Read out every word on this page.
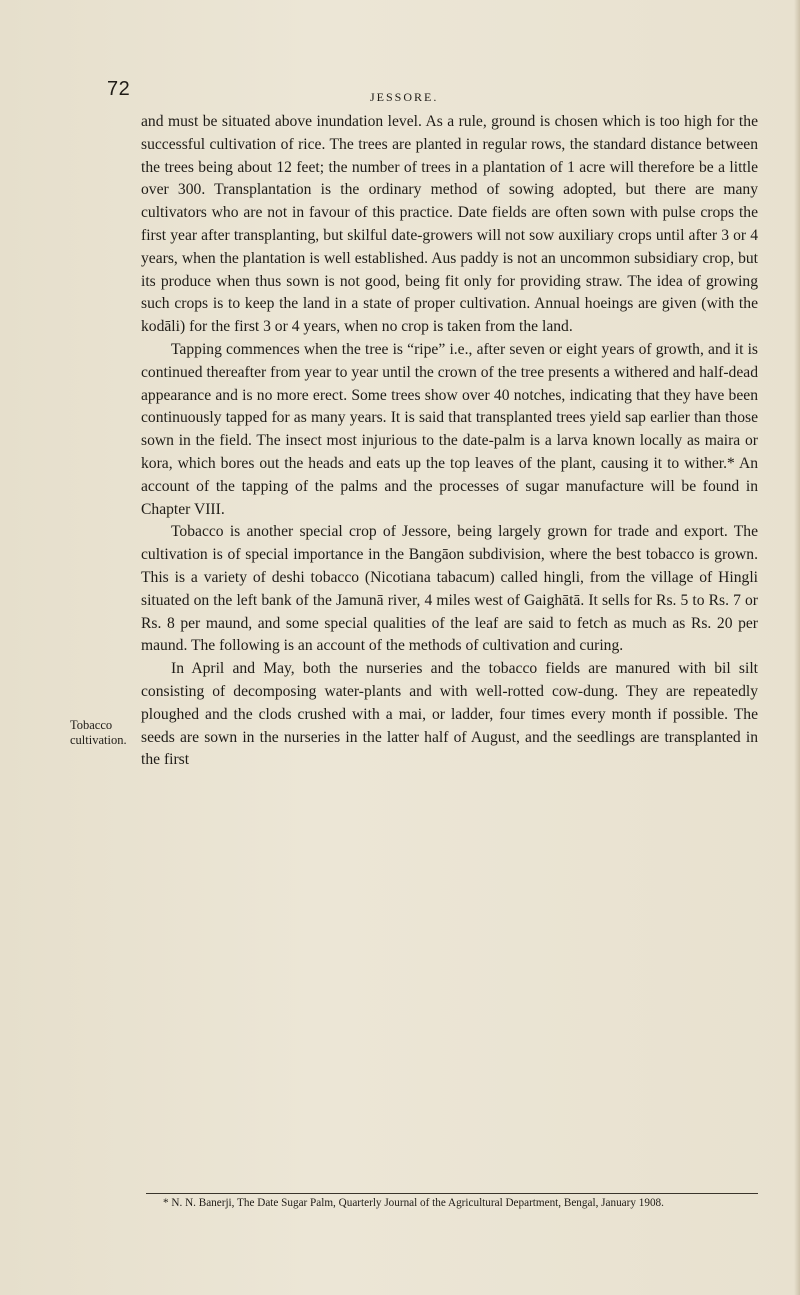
72	JESSORE.
Tobacco cultivation.

and must be situated above inundation level. As a rule, ground is chosen which is too high for the successful cultivation of rice. The trees are planted in regular rows, the standard distance between the trees being about 12 feet; the number of trees in a plantation of 1 acre will therefore be a little over 300. Transplantation is the ordinary method of sowing adopted, but there are many cultivators who are not in favour of this practice. Date fields are often sown with pulse crops the first year after transplanting, but skilful date-growers will not sow auxiliary crops until after 3 or 4 years, when the plantation is well established. Aus paddy is not an uncommon subsidiary crop, but its produce when thus sown is not good, being fit only for providing straw. The idea of growing such crops is to keep the land in a state of proper cultivation. Annual hoeings are given (with the kodāli) for the first 3 or 4 years, when no crop is taken from the land.

Tapping commences when the tree is “ripe” i.e., after seven or eight years of growth, and it is continued thereafter from year to year until the crown of the tree presents a withered and half-dead appearance and is no more erect. Some trees show over 40 notches, indicating that they have been continuously tapped for as many years. It is said that transplanted trees yield sap earlier than those sown in the field. The insect most injurious to the date-palm is a larva known locally as maira or kora, which bores out the heads and eats up the top leaves of the plant, causing it to wither.* An account of the tapping of the palms and the processes of sugar manufacture will be found in Chapter VIII.

Tobacco is another special crop of Jessore, being largely grown for trade and export. The cultivation is of special importance in the Bangāon subdivision, where the best tobacco is grown. This is a variety of deshi tobacco (Nicotiana tabacum) called hingli, from the village of Hingli situated on the left bank of the Jamunā river, 4 miles west of Gaighātā. It sells for Rs. 5 to Rs. 7 or Rs. 8 per maund, and some special qualities of the leaf are said to fetch as much as Rs. 20 per maund. The following is an account of the methods of cultivation and curing.

In April and May, both the nurseries and the tobacco fields are manured with bil silt consisting of decomposing water-plants and with well-rotted cow-dung. They are repeatedly ploughed and the clods crushed with a mai, or ladder, four times every month if possible. The seeds are sown in the nurseries in the latter half of August, and the seedlings are transplanted in the first

* N. N. Banerji, The Date Sugar Palm, Quarterly Journal of the Agricultural Department, Bengal, January 1908.
